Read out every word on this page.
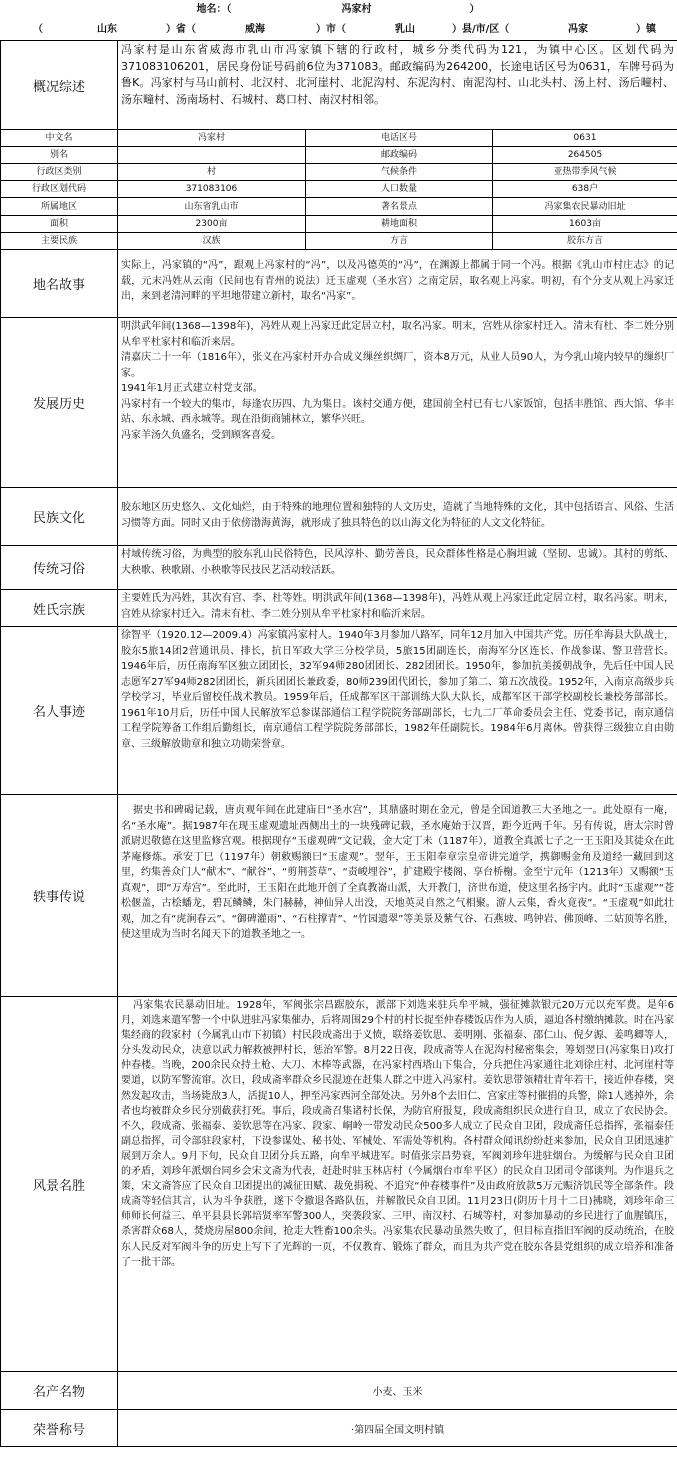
地名：（	冯家村	）
（	山东	）省（	威海	）市（	乳山	）县/市/区（	冯家	）镇
概况综述	冯家村是山东省威海市乳山市冯家镇下辖的行政村，城乡分类代码为121，为镇中心区。区划代码为371083106201，居民身份证号码前6位为371083。邮政编码为264200，长途电话区号为0631，车牌号码为鲁K。冯家村与马山前村、北汉村、北河崖村、北泥沟村、东泥沟村、南泥沟村、山北头村、汤上村、汤后疃村、汤东疃村、汤南场村、石城村、葛口村、南汉村相邻。		
中文名	冯家村	电话区号	0631
别名		邮政编码	264505
行政区类别	村	气候条件	亚热带季风气候
行政区划代码	371083106	人口数量	638户
所属地区	山东省乳山市	著名景点	冯家集农民暴动旧址
面积	2300亩	耕地面积	1603亩
主要民族	汉族	方言	胶东方言
地名故事	实际上，冯家镇的“冯”，跟观上冯家村的“冯”，以及冯德英的“冯”，在渊源上都属于同一个冯。根据《乳山市村庄志》的记载，元末冯姓从云南（民间也有青州的说法）迁玉虚观（圣水宫）之南定居，取名观上冯家。明初，有个分支从观上冯家迁出，来到老清河畔的平坦地带建立新村，取名“冯家”。		
发展历史	明洪武年间(1368—1398年)，冯姓从观上冯家迁此定居立村，取名冯家。明末，宫姓从徐家村迁入。清末有杜、李二姓分别从牟平杜家村和临沂来居。

清嘉庆二十一年（1816年），张义在冯家村开办合成义缫丝织绸厂，资本8万元，从业人员90人，为今乳山境内较早的缫织厂家。

1941年1月正式建立村党支部。

冯家村有一个较大的集市，每逢农历四、九为集日。该村交通方便，建国前全村已有七八家饭馆，包括丰胜馆、西大馆、华丰站、东永城、西永城等。现在沿街商铺林立，繁华兴旺。

冯家羊汤久负盛名，受到顾客喜爱。		

民族文化	胶东地区历史悠久、文化灿烂，由于特殊的地理位置和独特的人文历史，造就了当地特殊的文化，其中包括语言、风俗、生活习惯等方面。同时又由于依傍渤海黄海，就形成了独具特色的以山海文化为特征的人文文化特征。		
传统习俗	村域传统习俗，为典型的胶东乳山民俗特色，民风淳朴、勤劳善良，民众群体性格是心胸坦诚（坚韧、忠诚）。其村的剪纸、大秧歌、秧歌剧、小秧歌等民技民艺活动较活跃。		
姓氏宗族	主要姓氏为冯姓，其次有宫、李、杜等姓。明洪武年间(1368—1398年)，冯姓从观上冯家迁此定居立村，取名冯家。明末，宫姓从徐家村迁入。清末有杜、李二姓分别从牟平杜家村和临沂来居。		
名人事迹	徐智平（1920.12—2009.4）冯家镇冯家村人。1940年3月参加八路军，同年12月加入中国共产党。历任牟海县大队战士，胶东5旅14团2营通讯员、排长，抗日军政大学三分校学员，5旅15团副连长，南海军分区连长、作战参谋、警卫营营长。1946年后，历任南海军区独立团团长，32军94师280团团长、282团团长。1950年，参加抗美援朝战争，先后任中国人民志愿军27军94师282团团长，新兵团团长兼政委，80师239团代团长，参加了第二、第五次战役。1952年，入南京高级步兵学校学习，毕业后留校任战术教员。1959年后，任成都军区干部训练大队大队长，成都军区干部学校副校长兼校务部部长。1961年10月后，历任中国人民解放军总参谋部通信工程学院院务部副部长，七九二厂革命委员会主任、党委书记，南京通信工程学院筹备工作组后勤组长，南京通信工程学院院务部部长，1982年任副院长。1984年6月离休。曾获得三级独立自由勋章、三级解放勋章和独立功勋荣誉章。		
轶事传说	据史书和碑碣记载，唐贞观年间在此建庙日“圣水宫”，其鼎盛时期在金元，曾是全国道教三大圣地之一。此处原有一庵，名“圣水庵”。据1987年在现玉虚观遗址西侧出土的一块残碑记载，圣水庵始于汉晋，距今近两千年。另有传说，唐太宗时曾派尉迟敬德在这里监修宫观。根据现存“玉虚观碑”文记载，金大定丁未（1187年），道教全真派七子之一王玉阳及其徒众在此茅庵修炼。承安丁巳（1197年）朝敕赐额曰“玉虚观”。翌年，王玉阳奉章宗皇帝讲完道学，携御赐金角及道经一藏回到这里，约集善众门人“献木”、“献谷”、“剪荆荟草”、“责峻埋谷”，扩建殿宇楼阁、享台桥榭。金至宁元年（1213年）又赐额“玉真观”，即“万寿宫”。至此时，王玉阳在此地开创了全真教崙山派，大开教门，济世布道，使这里名扬宇内。此时“玉虚观”“苍松偃盖，古桧蟠龙，碧瓦鳞鳞，朱门赫赫，神仙异人出没，天地英灵自然之气相聚。游人云集，香火竟夜”。“玉虚观”如此壮观，加之有“虎涧春云”、“御碑灌雨”、“石柱撑青”、“竹园遗翠”等美景及紫气谷、石燕坡、鸣钟岩、佛顶峰、二姑顶等名胜，使这里成为当时名闻天下的道教圣地之一。		
风景名胜	冯家集农民暴动旧址。1928年，军阀张宗昌踞胶东，派部下刘选来驻兵牟平城，强征摊款银元20万元以充军费。是年6月，刘选来遣军警一个中队进驻冯家集催办，后将周围29个村的村长捉至仲春楼饭店作为人质，逼迫各村缴纳摊款。时在冯家集经商的段家村（今属乳山市下初镇）村民段成斋出于义愤，联络姜钦思、姜明刚、张福泰、邵仁山、倪夕源、姜鸣卿等人，分头发动民众，决意以武力解救被押村长，惩治军警。8月22日夜，段成斋等人在泥沟村秘密集会，筹划翌日(冯家集日)攻打仲春楼。当晚，200余民众持土枪、大刀、木棒等武器，在冯家村西塔山下集合，分兵把住冯家通往北刘徐庄村、北河崖村等要道，以防军警流窜。次日，段成斋率群众乡民混迹在赶集人群之中进入冯家村。姜钦思带领精壮青年若干，接近仲春楼，突然发起攻击，当场毙敌3人，活捉10人，押至冯家西河全部处决。另外8个去旧仁、宫家庄等村催捐的兵警，除1人逃掉外，余者也均被群众乡民分别截获打死。事后，段成斋召集诸村长保，为防官府报复，段成斋组织民众进行自卫，成立了农民协会。不久，段成斋、张福泰、姜钦思等在冯家、段家、峒岭一带发动民众500多人成立了民众自卫团，段成斋任总指挥，张福泰任副总指挥，司令部驻段家村，下设参谋处、秘书处、军械处、军需处等机构。各村群众闻讯纷纷赶来参加，民众自卫团迅速扩展到万余人。9月下旬，民众自卫团分兵五路，向牟平城进军。时值张宗昌势衰，军阀刘珍年进驻烟台。为缓解与民众自卫团的矛盾，刘珍年派烟台同乡会宋文斋为代表，赶赴时驻玉林店村（今属烟台市牟平区）的民众自卫团司令部谈判。为作退兵之策，宋文斋答应了民众自卫团提出的减征田赋、裁免捐税、不追究“仲春楼事件”及由政府放款5万元赈济饥民等全部条件。段成斋等轻信其言，认为斗争获胜，遂下令撤退各路队伍，并解散民众自卫团。11月23日(阴历十月十二日)拂晓，刘珍年命三师师长何益三、单平县县长郭培贤率军警300人，突袭段家、三甲、南汉村、石城等村，对参加暴动的乡民进行了血腥镇压，杀害群众68人，焚烧房屋800余间，抢走大牲畜100余头。冯家集农民暴动虽然失败了，但目标直指旧军阀的反动统治，在胶东人民反对军阀斗争的历史上写下了光辉的一页，不仅教育、锻炼了群众，而且为共产党在胶东各县党组织的成立培养和准备了一批干部。		
名产名物	小麦、玉米		
荣誉称号	·第四届全国文明村镇		
